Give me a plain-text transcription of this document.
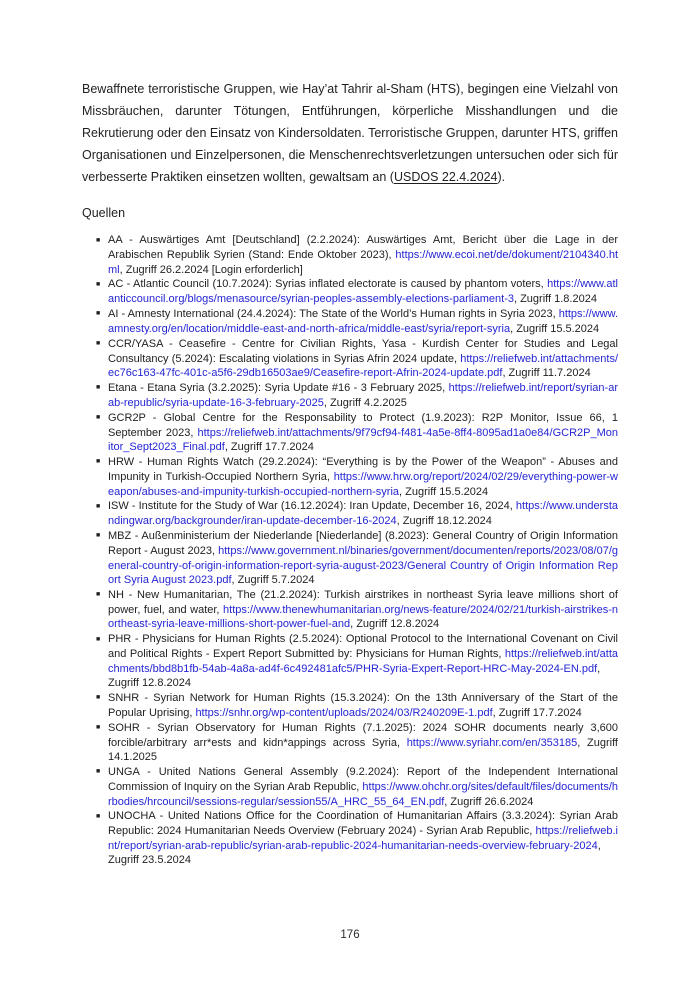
Bewaffnete terroristische Gruppen, wie Hay’at Tahrir al-Sham (HTS), begingen eine Vielzahl von Missbräuchen, darunter Tötungen, Entführungen, körperliche Misshandlungen und die Rekrutierung oder den Einsatz von Kindersoldaten. Terroristische Gruppen, darunter HTS, griffen Organisationen und Einzelpersonen, die Menschenrechtsverletzungen untersuchen oder sich für verbesserte Praktiken einsetzen wollten, gewaltsam an (USDOS 22.4.2024).

Quellen

■ AA - Auswärtiges Amt [Deutschland] (2.2.2024): Auswärtiges Amt, Bericht über die Lage in der Arabischen Republik Syrien (Stand: Ende Oktober 2023), https://www.ecoi.net/de/dokument/2104340.html, Zugriff 26.2.2024 [Login erforderlich]
■ AC - Atlantic Council (10.7.2024): Syrias inflated electorate is caused by phantom voters, https://www.atlanticcouncil.org/blogs/menasource/syrian-peoples-assembly-elections-parliament-3, Zugriff 1.8.2024
■ AI - Amnesty International (24.4.2024): The State of the World’s Human rights in Syria 2023, https://www.amnesty.org/en/location/middle-east-and-north-africa/middle-east/syria/report-syria, Zugriff 15.5.2024
■ CCR/YASA - Ceasefire - Centre for Civilian Rights, Yasa - Kurdish Center for Studies and Legal Consultancy (5.2024): Escalating violations in Syrias Afrin 2024 update, https://reliefweb.int/attachments/ec76c163-47fc-401c-a5f6-29db16503ae9/Ceasefire-report-Afrin-2024-update.pdf, Zugriff 11.7.2024
■ Etana - Etana Syria (3.2.2025): Syria Update #16 - 3 February 2025, https://reliefweb.int/report/syrian-arab-republic/syria-update-16-3-february-2025, Zugriff 4.2.2025
■ GCR2P - Global Centre for the Responsability to Protect (1.9.2023): R2P Monitor, Issue 66, 1 September 2023, https://reliefweb.int/attachments/9f79cf94-f481-4a5e-8ff4-8095ad1a0e84/GCR2P_Monitor_Sept2023_Final.pdf, Zugriff 17.7.2024
■ HRW - Human Rights Watch (29.2.2024): “Everything is by the Power of the Weapon” - Abuses and Impunity in Turkish-Occupied Northern Syria, https://www.hrw.org/report/2024/02/29/everything-power-weapon/abuses-and-impunity-turkish-occupied-northern-syria, Zugriff 15.5.2024
■ ISW - Institute for the Study of War (16.12.2024): Iran Update, December 16, 2024, https://www.understandingwar.org/backgrounder/iran-update-december-16-2024, Zugriff 18.12.2024
■ MBZ - Außenministerium der Niederlande [Niederlande] (8.2023): General Country of Origin Information Report - August 2023, https://www.government.nl/binaries/government/documenten/reports/2023/08/07/general-country-of-origin-information-report-syria-august-2023/General Country of Origin Information Report Syria August 2023.pdf, Zugriff 5.7.2024
■ NH - New Humanitarian, The (21.2.2024): Turkish airstrikes in northeast Syria leave millions short of power, fuel, and water, https://www.thenewhumanitarian.org/news-feature/2024/02/21/turkish-airstrikes-northeast-syria-leave-millions-short-power-fuel-and, Zugriff 12.8.2024
■ PHR - Physicians for Human Rights (2.5.2024): Optional Protocol to the International Covenant on Civil and Political Rights - Expert Report Submitted by: Physicians for Human Rights, https://reliefweb.int/attachments/bbd8b1fb-54ab-4a8a-ad4f-6c492481afc5/PHR-Syria-Expert-Report-HRC-May-2024-EN.pdf, Zugriff 12.8.2024
■ SNHR - Syrian Network for Human Rights (15.3.2024): On the 13th Anniversary of the Start of the Popular Uprising, https://snhr.org/wp-content/uploads/2024/03/R240209E-1.pdf, Zugriff 17.7.2024
■ SOHR - Syrian Observatory for Human Rights (7.1.2025): 2024 SOHR documents nearly 3,600 forcible/arbitrary arr*ests and kidn*appings across Syria, https://www.syriahr.com/en/353185, Zugriff 14.1.2025
■ UNGA - United Nations General Assembly (9.2.2024): Report of the Independent International Commission of Inquiry on the Syrian Arab Republic, https://www.ohchr.org/sites/default/files/documents/hrbodies/hrcouncil/sessions-regular/session55/A_HRC_55_64_EN.pdf, Zugriff 26.6.2024
■ UNOCHA - United Nations Office for the Coordination of Humanitarian Affairs (3.3.2024): Syrian Arab Republic: 2024 Humanitarian Needs Overview (February 2024) - Syrian Arab Republic, https://reliefweb.int/report/syrian-arab-republic/syrian-arab-republic-2024-humanitarian-needs-overview-february-2024, Zugriff 23.5.2024
176
